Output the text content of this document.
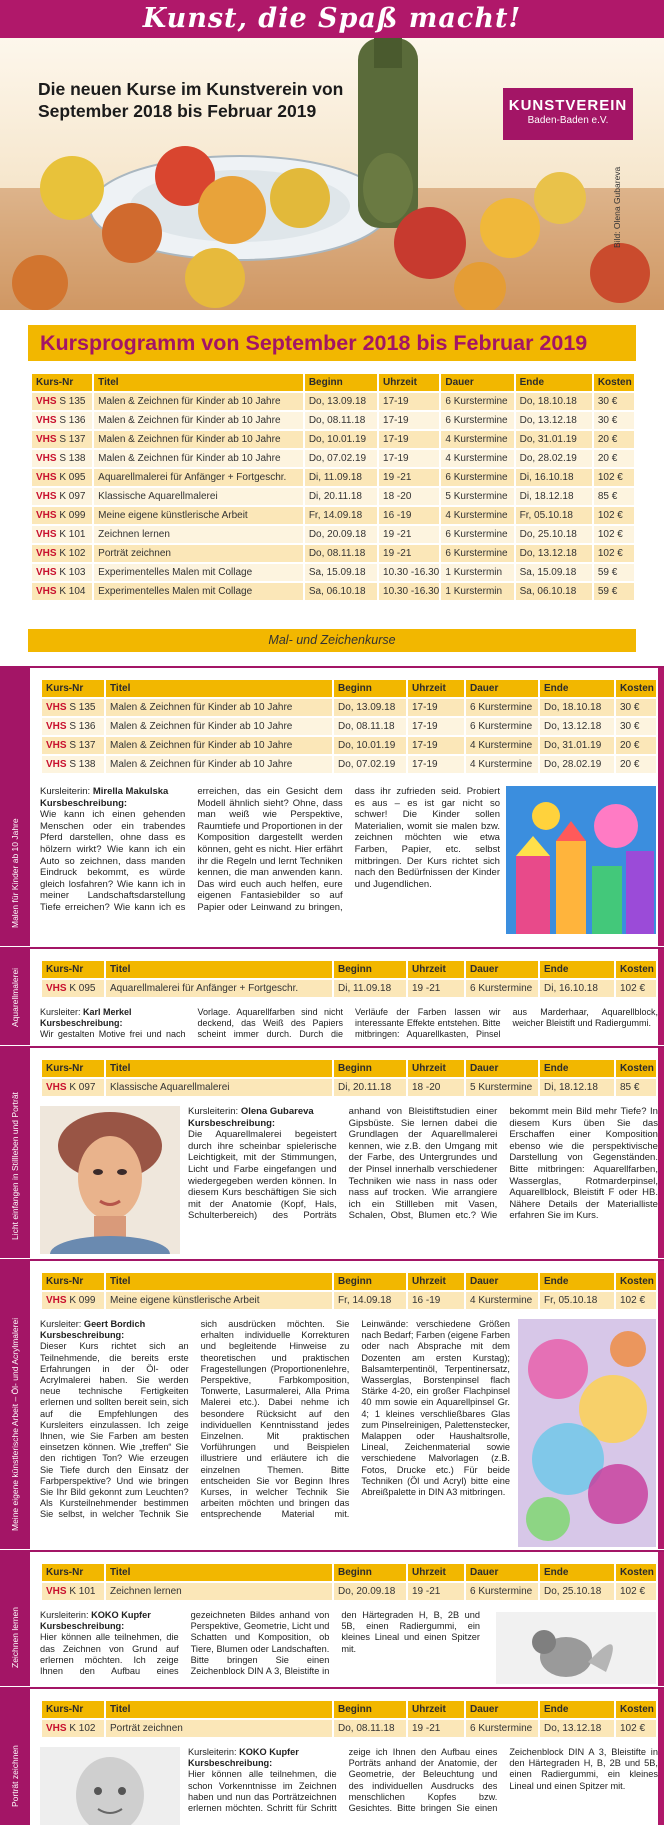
Kunst, die Spaß macht!
Die neuen Kurse im Kunstverein von September 2018 bis Februar 2019	KUNSTVEREIN
Baden-Baden e.V.
Bild: Olena Gubareva
Kursprogramm von September 2018 bis Februar 2019
Kurs-Nr	Titel	Beginn	Uhrzeit	Dauer	Ende	Kosten
VHS S 135	Malen & Zeichnen für Kinder ab 10 Jahre	Do, 13.09.18	17-19	6 Kurstermine	Do, 18.10.18	30 €
VHS S 136	Malen & Zeichnen für Kinder ab 10 Jahre	Do, 08.11.18	17-19	6 Kurstermine	Do, 13.12.18	30 €
VHS S 137	Malen & Zeichnen für Kinder ab 10 Jahre	Do, 10.01.19	17-19	4 Kurstermine	Do, 31.01.19	20 €
VHS S 138	Malen & Zeichnen für Kinder ab 10 Jahre	Do, 07.02.19	17-19	4 Kurstermine	Do, 28.02.19	20 €
VHS K 095	Aquarellmalerei für Anfänger + Fortgeschr.	Di, 11.09.18	19 -21	6 Kurstermine	Di, 16.10.18	102 €
VHS K 097	Klassische Aquarellmalerei	Di, 20.11.18	18 -20	5 Kurstermine	Di, 18.12.18	85 €
VHS K 099	Meine eigene künstlerische Arbeit	Fr, 14.09.18	16 -19	4 Kurstermine	Fr, 05.10.18	102 €
VHS K 101	Zeichnen lernen	Do, 20.09.18	19 -21	6 Kurstermine	Do, 25.10.18	102 €
VHS K 102	Porträt zeichnen	Do, 08.11.18	19 -21	6 Kurstermine	Do, 13.12.18	102 €
VHS K 103	Experimentelles Malen mit Collage	Sa, 15.09.18	10.30 -16.30	1 Kurstermin	Sa, 15.09.18	59 €
VHS K 104	Experimentelles Malen mit Collage	Sa, 06.10.18	10.30 -16.30	1 Kurstermin	Sa, 06.10.18	59 €
Mal- und Zeichenkurse
Malen für Kinder ab 10 Jahre
Kurs-Nr	Titel	Beginn	Uhrzeit	Dauer	Ende	Kosten
VHS S 135	Malen & Zeichnen für Kinder ab 10 Jahre	Do, 13.09.18	17-19	6 Kurstermine	Do, 18.10.18	30 €
VHS S 136	Malen & Zeichnen für Kinder ab 10 Jahre	Do, 08.11.18	17-19	6 Kurstermine	Do, 13.12.18	30 €
VHS S 137	Malen & Zeichnen für Kinder ab 10 Jahre	Do, 10.01.19	17-19	4 Kurstermine	Do, 31.01.19	20 €
VHS S 138	Malen & Zeichnen für Kinder ab 10 Jahre	Do, 07.02.19	17-19	4 Kurstermine	Do, 28.02.19	20 €
Kursleiterin: Mirella Makulska
Kursbeschreibung:
Wie kann ich einen gehenden Menschen oder ein trabendes Pferd darstellen, ohne dass es hölzern wirkt? Wie kann ich ein Auto so zeichnen, dass manden Eindruck bekommt, es würde gleich losfahren? Wie kann ich in meiner Landschaftsdarstellung Tiefe erreichen? Wie kann ich es erreichen, das ein Gesicht dem Modell ähnlich sieht? Ohne, dass man weiß wie Perspektive, Raumtiefe und Proportionen in der Komposition dargestellt werden können, geht es nicht. Hier erfährt ihr die Regeln und lernt Techniken kennen, die man anwenden kann. Das wird euch auch helfen, eure eigenen Fantasiebilder so auf Papier oder Leinwand zu bringen, dass ihr zufrieden seid. Probiert es aus – es ist gar nicht so schwer! Die Kinder sollen Materialien, womit sie malen bzw. zeichnen möchten wie etwa Farben, Papier, etc. selbst mitbringen. Der Kurs richtet sich nach den Bedürfnissen der Kinder und Jugendlichen.
Aquarellmalerei	Kurs-Nr	Titel	Beginn	Uhrzeit	Dauer	Ende	Kosten
VHS K 095	Aquarellmalerei für Anfänger + Fortgeschr.	Di, 11.09.18	19 -21	6 Kurstermine	Di, 16.10.18	102 €
Kursleiter: Karl Merkel
Kursbeschreibung:
Wir gestalten Motive frei und nach Vorlage. Aquarellfarben sind nicht deckend, das Weiß des Papiers scheint immer durch. Durch die Verläufe der Farben lassen wir interessante Effekte entstehen. Bitte mitbringen: Aquarellkasten, Pinsel aus Marderhaar, Aquarellblock, weicher Bleistift und Radiergummi.
Licht einfangen in Stillleben und Porträt
Kurs-Nr	Titel	Beginn	Uhrzeit	Dauer	Ende	Kosten
VHS K 097	Klassische Aquarellmalerei	Di, 20.11.18	18 -20	5 Kurstermine	Di, 18.12.18	85 €
Kursleiterin: Olena Gubareva
Kursbeschreibung:
Die Aquarellmalerei begeistert durch ihre scheinbar spielerische Leichtigkeit, mit der Stimmungen, Licht und Farbe eingefangen und wiedergegeben werden können. In diesem Kurs beschäftigen Sie sich mit der Anatomie (Kopf, Hals, Schulterbereich) des Porträts anhand von Bleistiftstudien einer Gipsbüste. Sie lernen dabei die Grundlagen der Aquarellmalerei kennen, wie z.B. den Umgang mit der Farbe, des Untergrundes und der Pinsel innerhalb verschiedener Techniken wie nass in nass oder nass auf trocken. Wie arrangiere ich ein Stillleben mit Vasen, Schalen, Obst, Blumen etc.? Wie bekommt mein Bild mehr Tiefe? In diesem Kurs üben Sie das Erschaffen einer Komposition ebenso wie die perspektivische Darstellung von Gegenständen. Bitte mitbringen: Aquarellfarben, Wasserglas, Rotmarderpinsel, Aquarellblock, Bleistift F oder HB. Nähere Details der Materialliste erfahren Sie im Kurs.
Meine eigene künstlerische Arbeit – Öl- und Acrylmalerei
Kurs-Nr	Titel	Beginn	Uhrzeit	Dauer	Ende	Kosten
VHS K 099	Meine eigene künstlerische Arbeit	Fr, 14.09.18	16 -19	4 Kurstermine	Fr, 05.10.18	102 €
Kursleiter: Geert Bordich
Kursbeschreibung:
Dieser Kurs richtet sich an Teilnehmende, die bereits erste Erfahrungen in der Öl- oder Acrylmalerei haben. Sie werden neue technische Fertigkeiten erlernen und sollten bereit sein, sich auf die Empfehlungen des Kursleiters einzulassen. Ich zeige Ihnen, wie Sie Farben am besten einsetzen können. Wie „treffen“ Sie den richtigen Ton? Wie erzeugen Sie Tiefe durch den Einsatz der Farbperspektive? Und wie bringen Sie Ihr Bild gekonnt zum Leuchten? Als Kursteilnehmender bestimmen Sie selbst, in welcher Technik Sie sich ausdrücken möchten. Sie erhalten individuelle Korrekturen und begleitende Hinweise zu theoretischen und praktischen Fragestellungen (Proportionenlehre, Perspektive, Farbkomposition, Tonwerte, Lasurmalerei, Alla Prima Malerei etc.). Dabei nehme ich besondere Rücksicht auf den individuellen Kenntnisstand jedes Einzelnen. Mit praktischen Vorführungen und Beispielen illustriere und erläutere ich die einzelnen Themen. Bitte entscheiden Sie vor Beginn Ihres Kurses, in welcher Technik Sie arbeiten möchten und bringen das entsprechende Material mit. Leinwände: verschiedene Größen nach Bedarf; Farben (eigene Farben oder nach Absprache mit dem Dozenten am ersten Kurstag); Balsamterpentinöl, Terpentinersatz, Wasserglas, Borstenpinsel flach Stärke 4-20, ein großer Flachpinsel 40 mm sowie ein Aquarellpinsel Gr. 4; 1 kleines verschließbares Glas zum Pinselreinigen, Palettenstecker, Malappen oder Haushaltsrolle, Lineal, Zeichenmaterial sowie verschiedene Malvorlagen (z.B. Fotos, Drucke etc.) Für beide Techniken (Öl und Acryl) bitte eine Abreißpalette in DIN A3 mitbringen.
Zeichnen lernen
Kurs-Nr	Titel	Beginn	Uhrzeit	Dauer	Ende	Kosten
VHS K 101	Zeichnen lernen	Do, 20.09.18	19 -21	6 Kurstermine	Do, 25.10.18	102 €
Kursleiterin: KOKO Kupfer
Kursbeschreibung:
Hier können alle teilnehmen, die das Zeichnen von Grund auf erlernen möchten. Ich zeige Ihnen den Aufbau eines gezeichneten Bildes anhand von Perspektive, Geometrie, Licht und Schatten und Komposition, ob Tiere, Blumen oder Landschaften. Bitte bringen Sie einen Zeichenblock DIN A 3, Bleistifte in den Härtegraden H, B, 2B und 5B, einen Radiergummi, ein kleines Lineal und einen Spitzer mit.
Porträt zeichnen
Kurs-Nr	Titel	Beginn	Uhrzeit	Dauer	Ende	Kosten
VHS K 102	Porträt zeichnen	Do, 08.11.18	19 -21	6 Kurstermine	Do, 13.12.18	102 €
Kursleiterin: KOKO Kupfer
Kursbeschreibung:
Hier können alle teilnehmen, die schon Vorkenntnisse im Zeichnen haben und nun das Porträtzeichnen erlernen möchten. Schritt für Schritt zeige ich Ihnen den Aufbau eines Porträts anhand der Anatomie, der Geometrie, der Beleuchtung und des individuellen Ausdrucks des menschlichen Kopfes bzw. Gesichtes. Bitte bringen Sie einen Zeichenblock DIN A 3, Bleistifte in den Härtegraden H, B, 2B und 5B, einen Radiergummi, ein kleines Lineal und einen Spitzer mit.
